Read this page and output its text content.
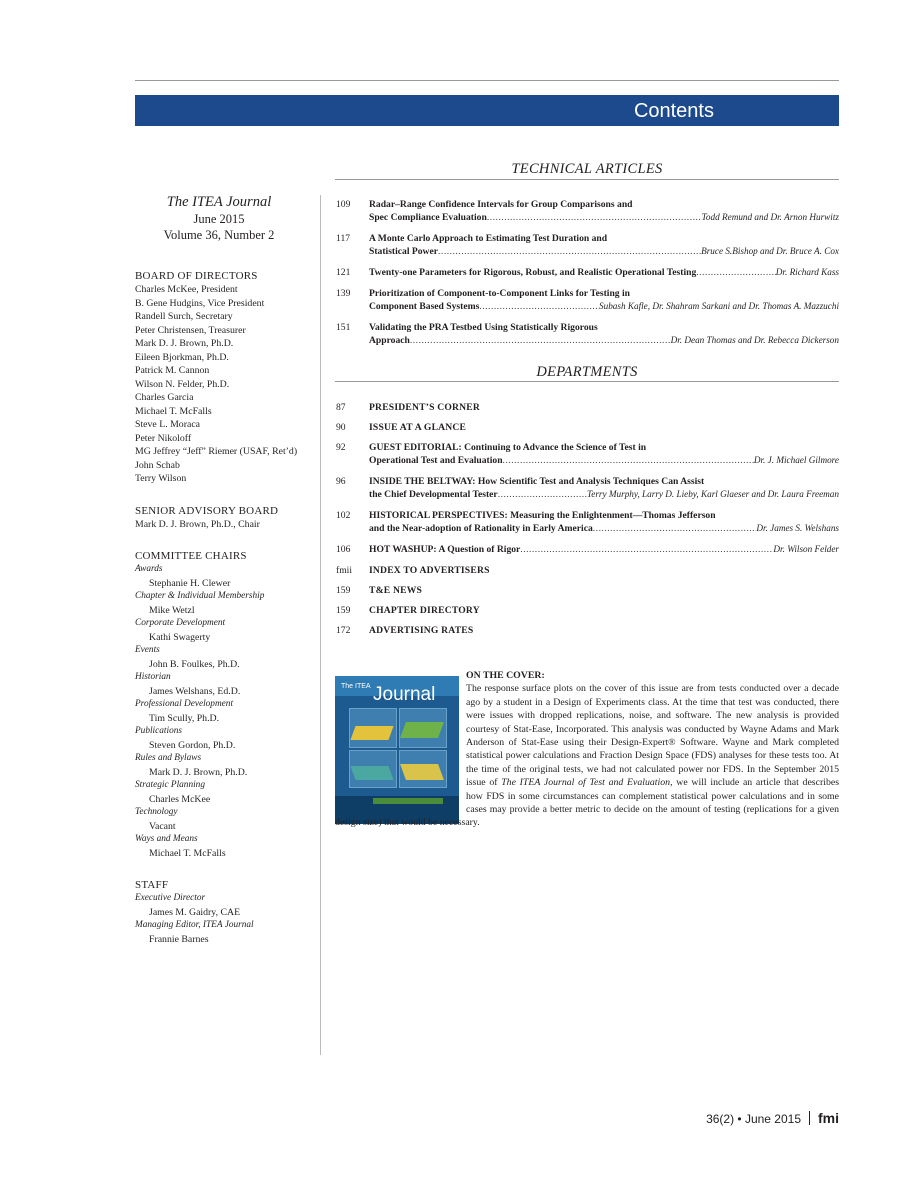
Contents
The ITEA Journal
June 2015
Volume 36, Number 2
BOARD OF DIRECTORS
Charles McKee, President
B. Gene Hudgins, Vice President
Randell Surch, Secretary
Peter Christensen, Treasurer
Mark D. J. Brown, Ph.D.
Eileen Bjorkman, Ph.D.
Patrick M. Cannon
Wilson N. Felder, Ph.D.
Charles Garcia
Michael T. McFalls
Steve L. Moraca
Peter Nikoloff
MG Jeffrey “Jeff” Riemer (USAF, Ret’d)
John Schab
Terry Wilson
SENIOR ADVISORY BOARD
Mark D. J. Brown, Ph.D., Chair
COMMITTEE CHAIRS
Awards
Stephanie H. Clewer
Chapter & Individual Membership
Mike Wetzl
Corporate Development
Kathi Swagerty
Events
John B. Foulkes, Ph.D.
Historian
James Welshans, Ed.D.
Professional Development
Tim Scully, Ph.D.
Publications
Steven Gordon, Ph.D.
Rules and Bylaws
Mark D. J. Brown, Ph.D.
Strategic Planning
Charles McKee
Technology
Vacant
Ways and Means
Michael T. McFalls
STAFF
Executive Director
James M. Gaidry, CAE
Managing Editor, ITEA Journal
Frannie Barnes
TECHNICAL ARTICLES
109	Radar–Range Confidence Intervals for Group Comparisons and
Spec Compliance Evaluation .....	Todd Remund and Dr. Arnon Hurwitz
117	A Monte Carlo Approach to Estimating Test Duration and
Statistical Power .....	Bruce S.Bishop and Dr. Bruce A. Cox
121	Twenty-one Parameters for Rigorous, Robust, and Realistic Operational Testing .....	Dr. Richard Kass
139	Prioritization of Component-to-Component Links for Testing in
Component Based Systems .....	Subash Kafle, Dr. Shahram Sarkani and Dr. Thomas A. Mazzuchi
151	Validating the PRA Testbed Using Statistically Rigorous
Approach .....	Dr. Dean Thomas and Dr. Rebecca Dickerson
DEPARTMENTS
87	PRESIDENT’S CORNER
90	ISSUE AT A GLANCE
92	GUEST EDITORIAL: Continuing to Advance the Science of Test in
Operational Test and Evaluation .....	Dr. J. Michael Gilmore
96	INSIDE THE BELTWAY: How Scientific Test and Analysis Techniques Can Assist
the Chief Developmental Tester .....	Terry Murphy, Larry D. Lieby, Karl Glaeser and Dr. Laura Freeman
102	HISTORICAL PERSPECTIVES: Measuring the Enlightenment—Thomas Jefferson
and the Near-adoption of Rationality in Early America .....	Dr. James S. Welshans
106	HOT WASHUP: A Question of Rigor .....	Dr. Wilson Felder
fmii	INDEX TO ADVERTISERS
159	T&E NEWS
159	CHAPTER DIRECTORY
172	ADVERTISING RATES
The ITEA Journal
ON THE COVER:
The response surface plots on the cover of this issue are from tests conducted over a decade ago by a student in a Design of Experiments class. At the time that test was conducted, there were issues with dropped replications, noise, and software. The new analysis is provided courtesy of Stat-Ease, Incorporated. This analysis was conducted by Wayne Adams and Mark Anderson of Stat-Ease using their Design-Expert® Software. Wayne and Mark completed statistical power calculations and Fraction Design Space (FDS) analyses for these tests too. At the time of the original tests, we had not calculated power nor FDS. In the September 2015 issue of The ITEA Journal of Test and Evaluation, we will include an article that describes how FDS in some circumstances can complement statistical power calculations and in some cases may provide a better metric to decide on the amount of testing (replications for a given design size) that would be necessary.
36(2) • June 2015 fmi
